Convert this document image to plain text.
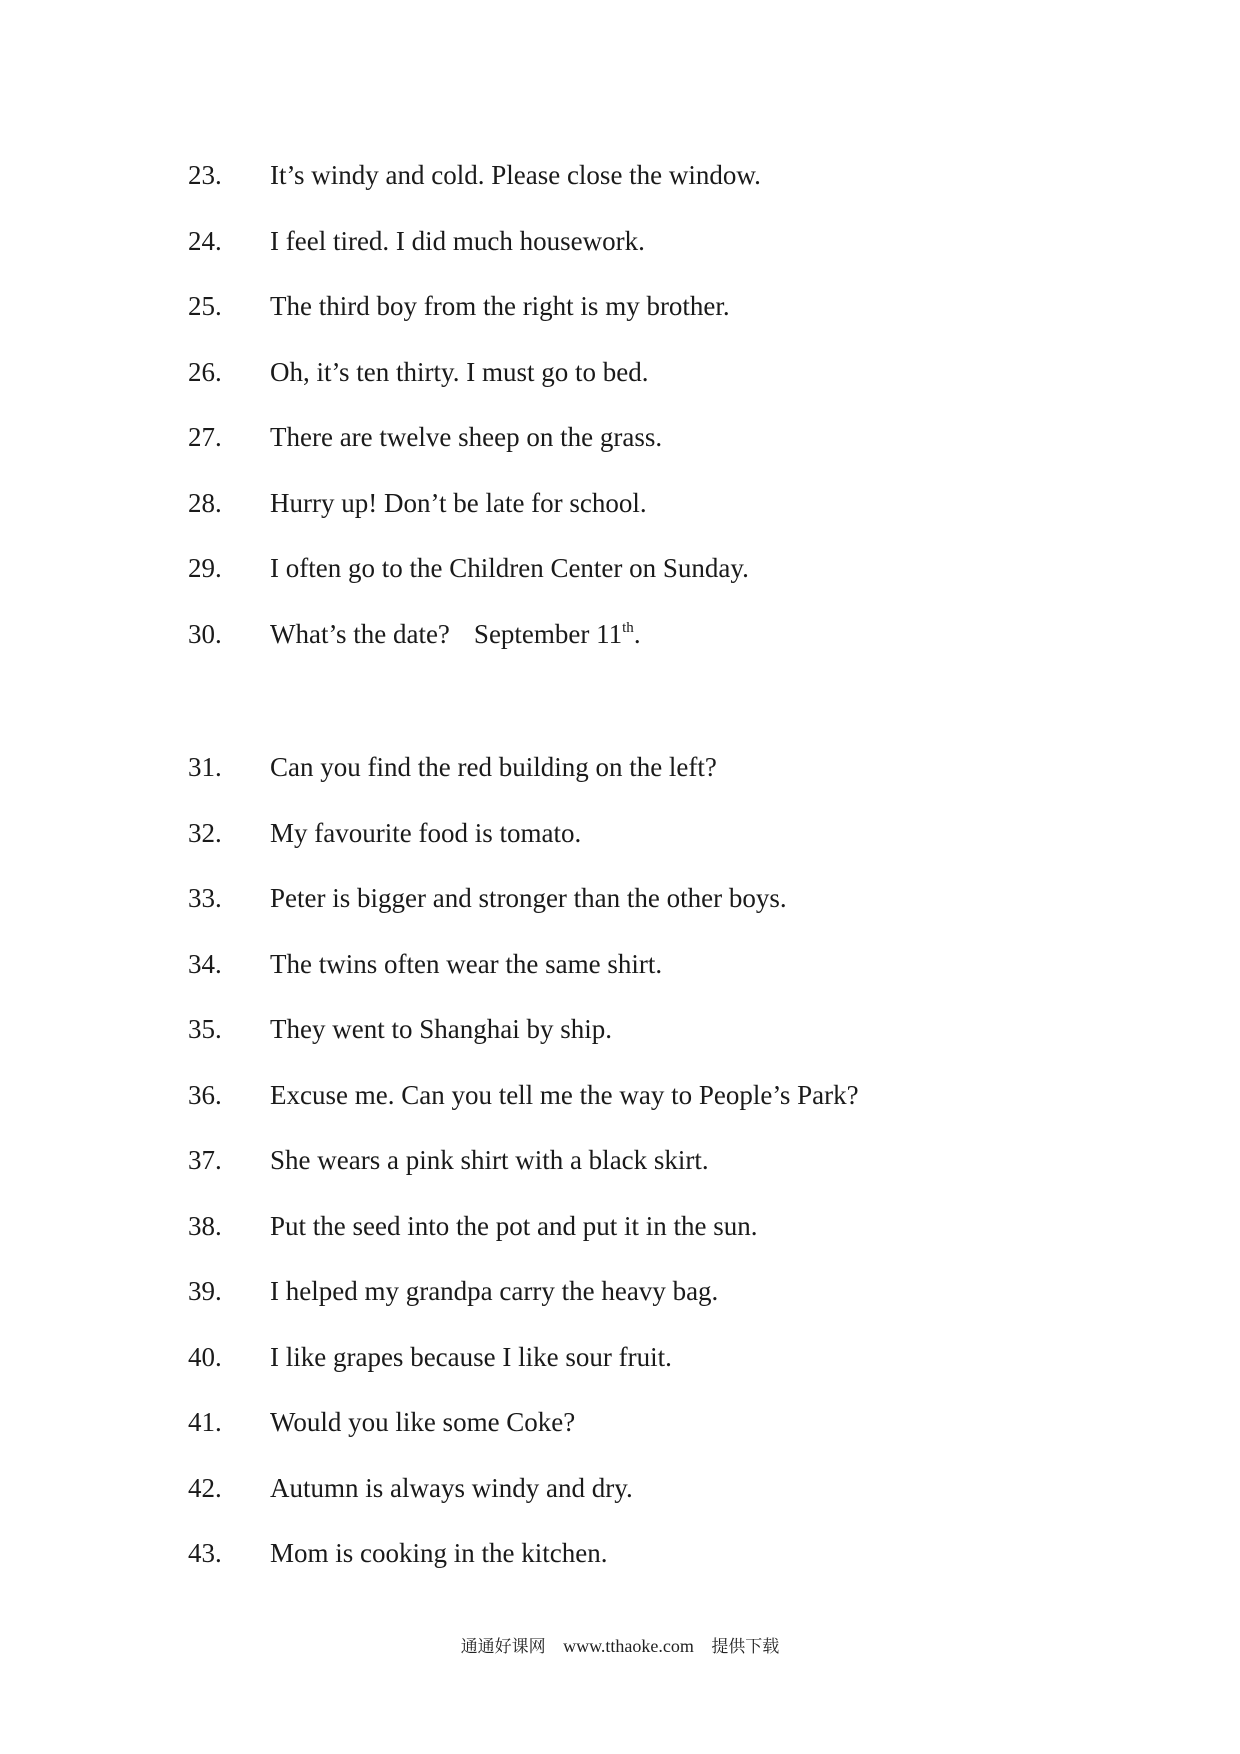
23. It’s windy and cold. Please close the window.
24. I feel tired. I did much housework.
25. The third boy from the right is my brother.
26. Oh, it’s ten thirty. I must go to bed.
27. There are twelve sheep on the grass.
28. Hurry up! Don’t be late for school.
29. I often go to the Children Center on Sunday.
30. What’s the date? September 11th.
31. Can you find the red building on the left?
32. My favourite food is tomato.
33. Peter is bigger and stronger than the other boys.
34. The twins often wear the same shirt.
35. They went to Shanghai by ship.
36. Excuse me. Can you tell me the way to People’s Park?
37. She wears a pink shirt with a black skirt.
38. Put the seed into the pot and put it in the sun.
39. I helped my grandpa carry the heavy bag.
40. I like grapes because I like sour fruit.
41. Would you like some Coke?
42. Autumn is always windy and dry.
43. Mom is cooking in the kitchen.
通通好课网 www.tthaoke.com 提供下载
